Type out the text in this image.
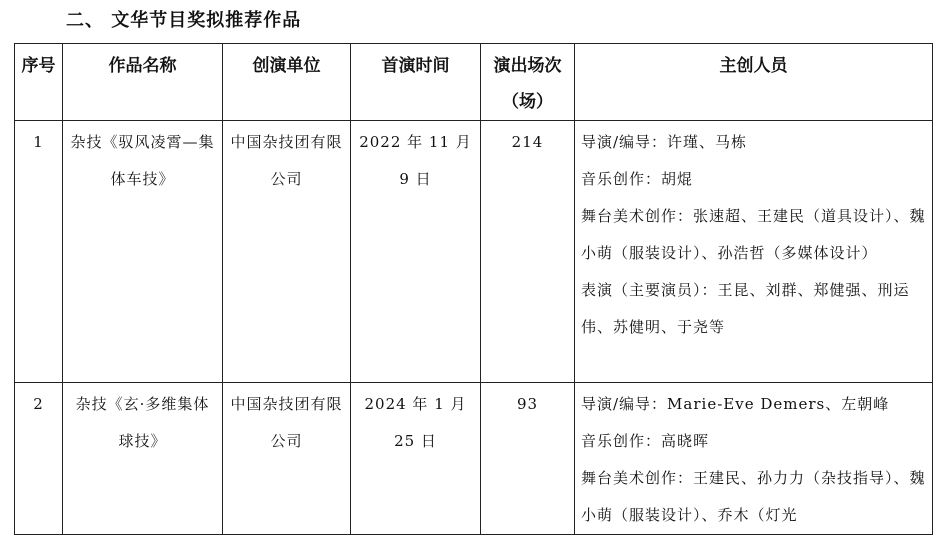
二、 文华节目奖拟推荐作品
序号	作品名称	创演单位	首演时间	演出场次（场）	主创人员
1	杂技《驭风凌霄—集体车技》	中国杂技团有限公司	2022 年 11 月 9 日	214	导演/编导：许瑾、马栋
音乐创作：胡焜
舞台美术创作：张速超、王建民（道具设计）、魏小萌（服装设计）、孙浩哲（多媒体设计）
表演（主要演员）：王昆、刘群、郑健强、刑运伟、苏健明、于尧等

2	杂技《玄·多维集体球技》	中国杂技团有限公司	2024 年 1 月 25 日	93	导演/编导：Marie-Eve Demers、左朝峰
音乐创作：高晓晖
舞台美术创作：王建民、孙力力（杂技指导）、魏小萌（服装设计）、乔木（灯光
